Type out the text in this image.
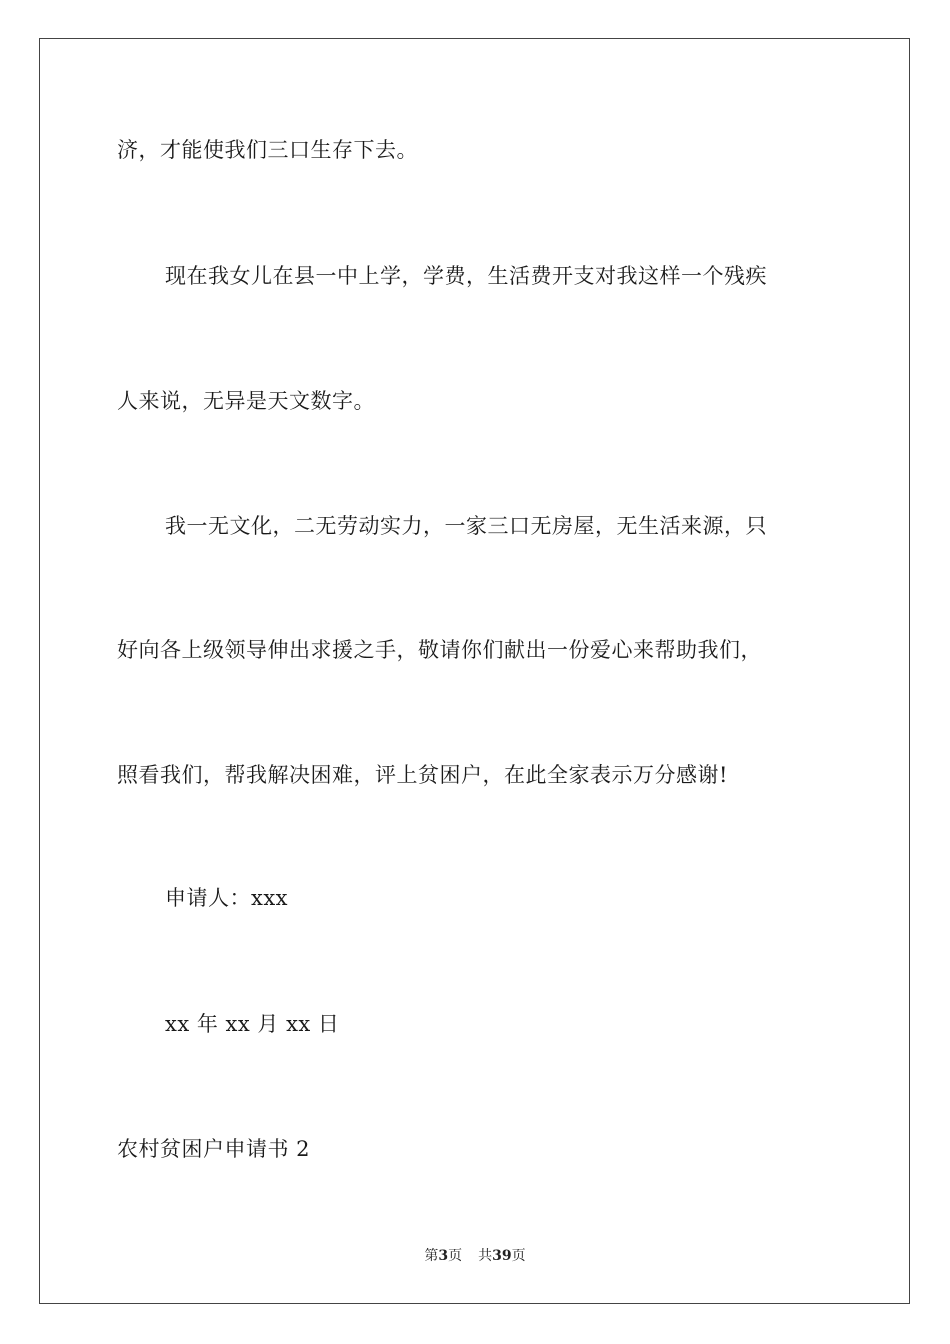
济，才能使我们三口生存下去。
现在我女儿在县一中上学，学费，生活费开支对我这样一个残疾
人来说，无异是天文数字。
我一无文化，二无劳动实力，一家三口无房屋，无生活来源，只
好向各上级领导伸出求援之手，敬请你们献出一份爱心来帮助我们，
照看我们，帮我解决困难，评上贫困户，在此全家表示万分感谢!
申请人：xxx
xx 年 xx 月 xx 日
农村贫困户申请书 2
第3页 共39页
